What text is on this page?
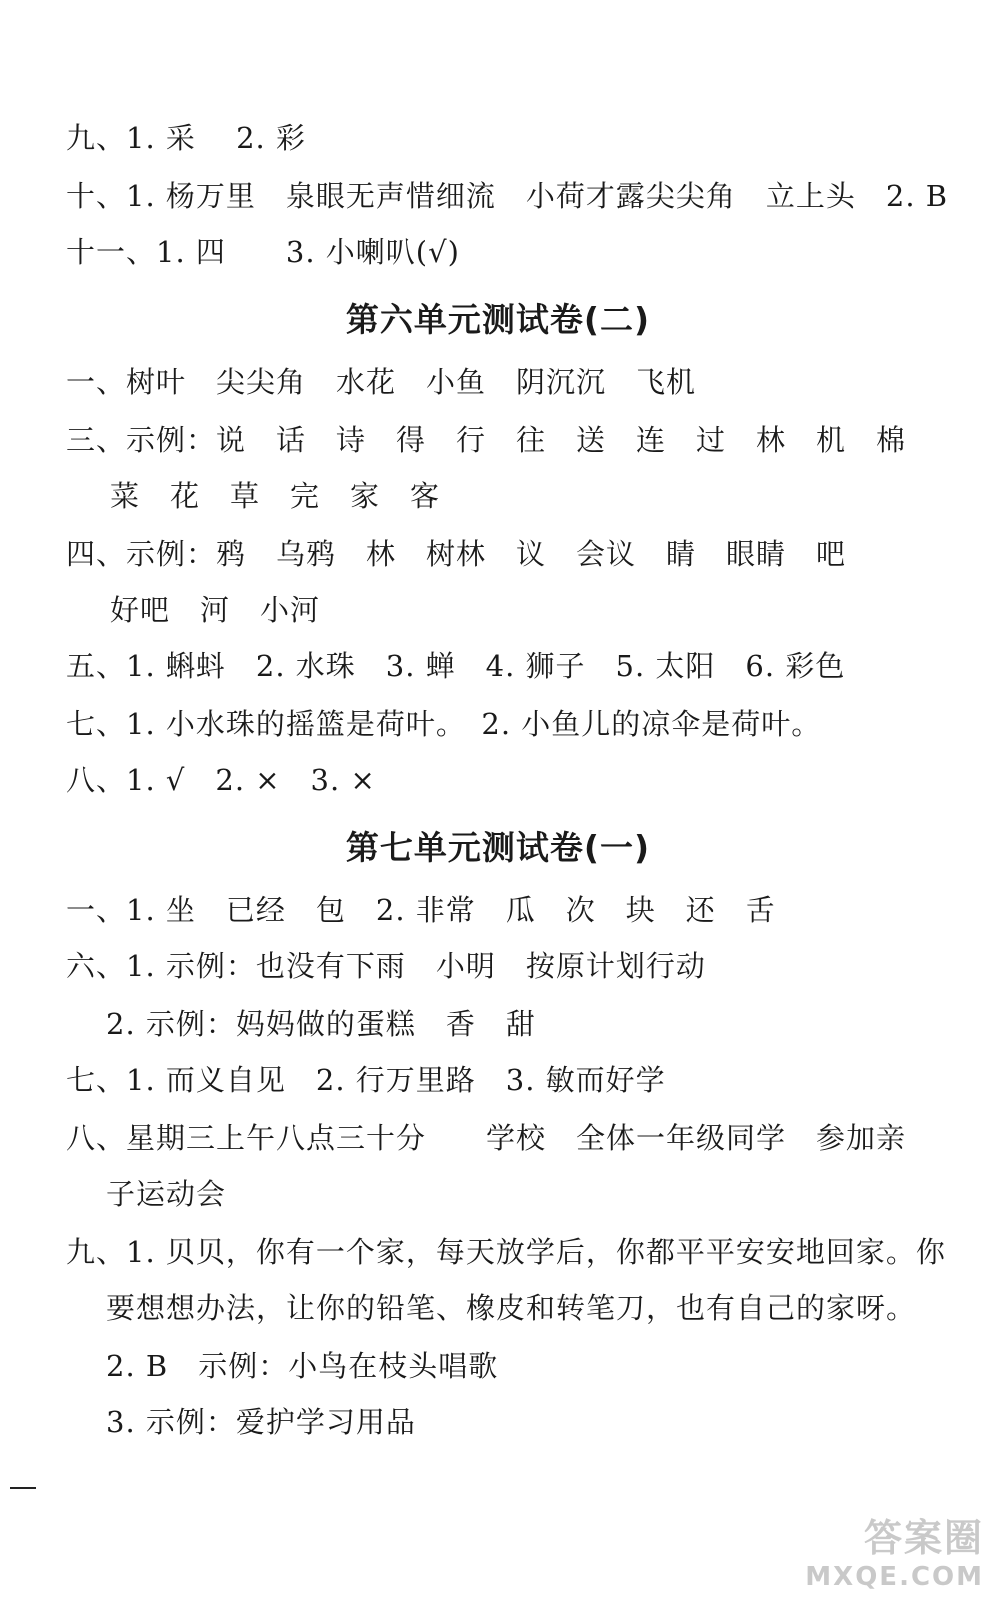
九、1. 采　 2. 彩
十、1. 杨万里　泉眼无声惜细流　小荷才露尖尖角　立上头　2. B
十一、1. 四　　3. 小喇叭(√)
第六单元测试卷(二)
一、树叶　尖尖角　水花　小鱼　阴沉沉　飞机
三、示例：说　话　诗　得　行　往　送　连　过　林　机　棉
菜　花　草　完　家　客
四、示例：鸦　乌鸦　林　树林　议　会议　睛　眼睛　吧
好吧　河　小河
五、1. 蝌蚪　2. 水珠　3. 蝉　4. 狮子　5. 太阳　6. 彩色
七、1. 小水珠的摇篮是荷叶。　2. 小鱼儿的凉伞是荷叶。
八、1. √　2. ×　3. ×
第七单元测试卷(一)
一、1. 坐　已经　包　2. 非常　瓜　次　块　还　舌
六、1. 示例：也没有下雨　小明　按原计划行动
2. 示例：妈妈做的蛋糕　香　甜
七、1. 而义自见　2. 行万里路　3. 敏而好学
八、星期三上午八点三十分　　学校　全体一年级同学　参加亲
子运动会
九、1. 贝贝，你有一个家，每天放学后，你都平平安安地回家。你
要想想办法，让你的铅笔、橡皮和转笔刀，也有自己的家呀。
2. B　示例：小鸟在枝头唱歌
3. 示例：爱护学习用品
答案圈
MXQE.COM
